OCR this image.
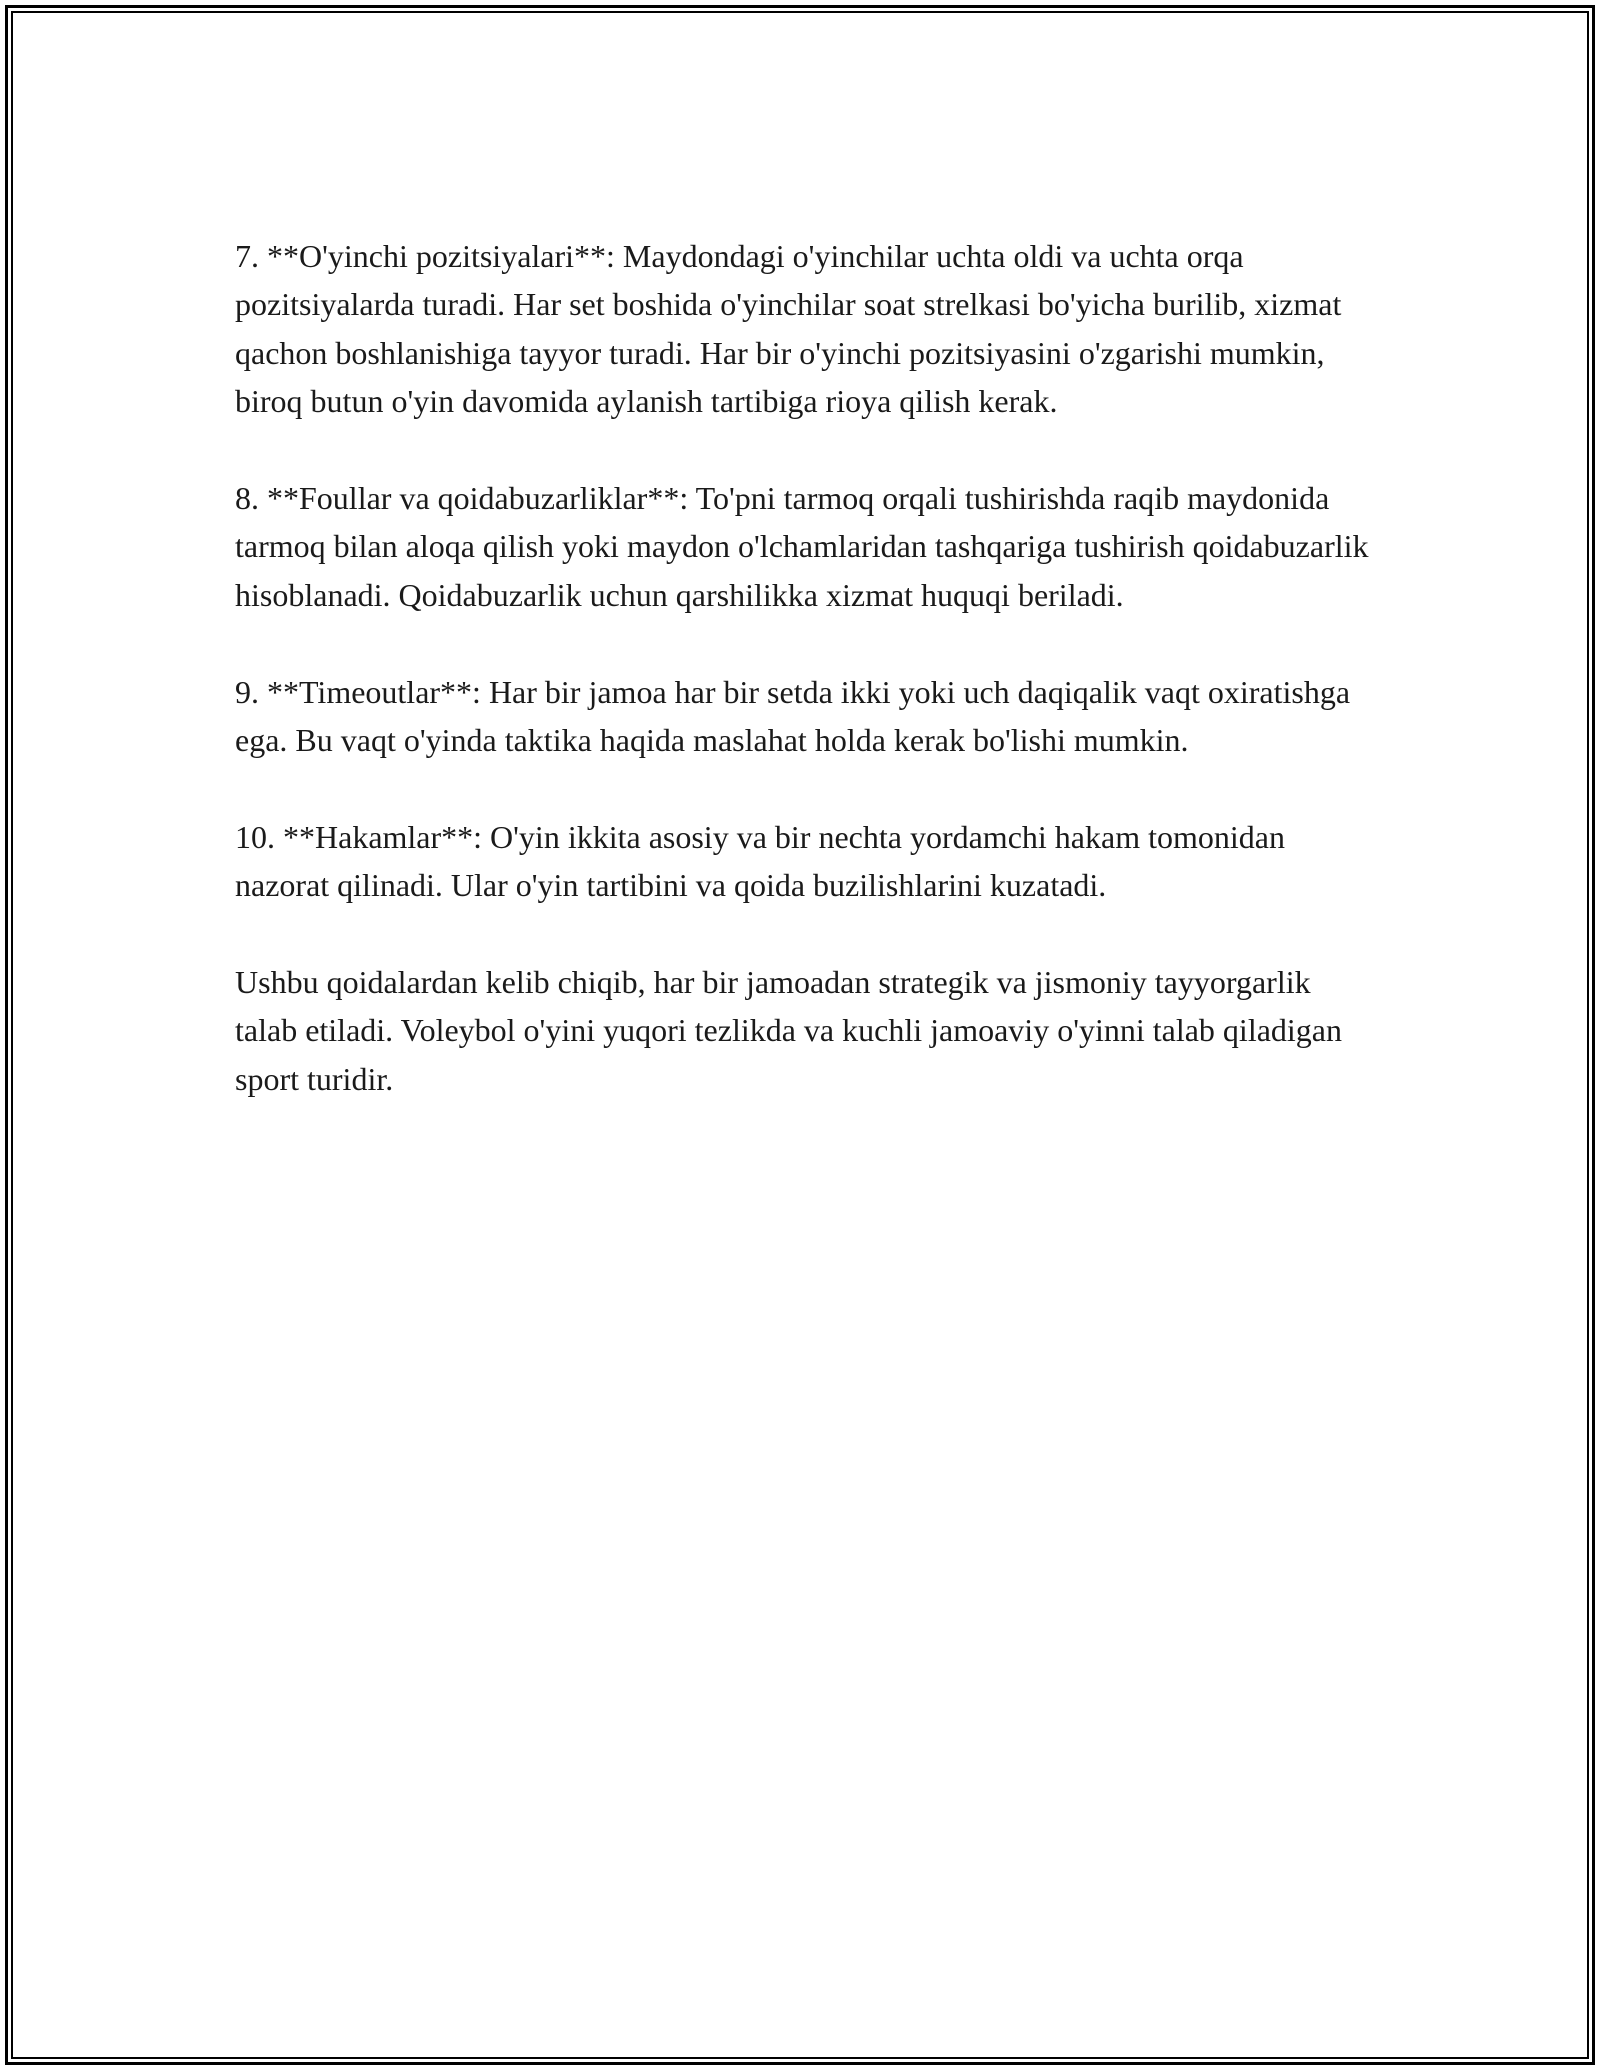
7. **O'yinchi pozitsiyalari**: Maydondagi o'yinchilar uchta oldi va uchta orqa pozitsiyalarda turadi. Har set boshida o'yinchilar soat strelkasi bo'yicha burilib, xizmat qachon boshlanishiga tayyor turadi. Har bir o'yinchi pozitsiyasini o'zgarishi mumkin, biroq butun o'yin davomida aylanish tartibiga rioya qilish kerak.

8. **Foullar va qoidabuzarliklar**: To'pni tarmoq orqali tushirishda raqib maydonida tarmoq bilan aloqa qilish yoki maydon o'lchamlaridan tashqariga tushirish qoidabuzarlik hisoblanadi. Qoidabuzarlik uchun qarshilikka xizmat huquqi beriladi.

9. **Timeoutlar**: Har bir jamoa har bir setda ikki yoki uch daqiqalik vaqt oxiratishga ega. Bu vaqt o'yinda taktika haqida maslahat holda kerak bo'lishi mumkin.

10. **Hakamlar**: O'yin ikkita asosiy va bir nechta yordamchi hakam tomonidan nazorat qilinadi. Ular o'yin tartibini va qoida buzilishlarini kuzatadi.

Ushbu qoidalardan kelib chiqib, har bir jamoadan strategik va jismoniy tayyorgarlik talab etiladi. Voleybol o'yini yuqori tezlikda va kuchli jamoaviy o'yinni talab qiladigan sport turidir.
